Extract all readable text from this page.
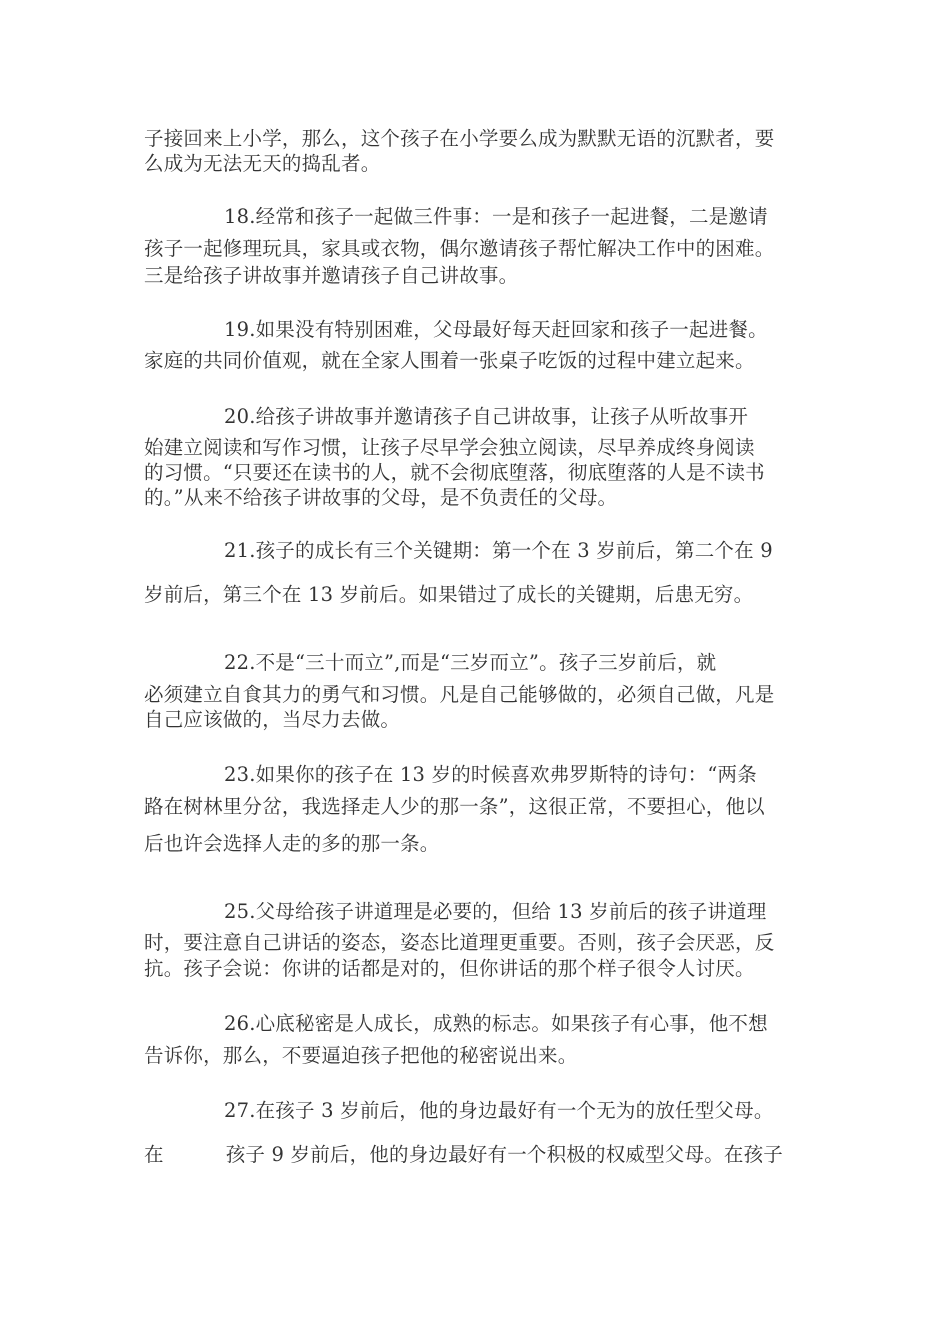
子接回来上小学，那么，这个孩子在小学要么成为默默无语的沉默者，要
么成为无法无天的捣乱者。
18.经常和孩子一起做三件事：一是和孩子一起进餐，二是邀请
孩子一起修理玩具，家具或衣物，偶尔邀请孩子帮忙解决工作中的困难。
三是给孩子讲故事并邀请孩子自己讲故事。
19.如果没有特别困难，父母最好每天赶回家和孩子一起进餐。
家庭的共同价值观，就在全家人围着一张桌子吃饭的过程中建立起来。
20.给孩子讲故事并邀请孩子自己讲故事，让孩子从听故事开
始建立阅读和写作习惯，让孩子尽早学会独立阅读，尽早养成终身阅读
的习惯。“只要还在读书的人，就不会彻底堕落，彻底堕落的人是不读书
的。”从来不给孩子讲故事的父母，是不负责任的父母。
21.孩子的成长有三个关键期：第一个在 3 岁前后，第二个在 9
岁前后，第三个在 13 岁前后。如果错过了成长的关键期，后患无穷。
22.不是“三十而立”,而是“三岁而立”。孩子三岁前后，就
必须建立自食其力的勇气和习惯。凡是自己能够做的，必须自己做，凡是
自己应该做的，当尽力去做。
23.如果你的孩子在 13 岁的时候喜欢弗罗斯特的诗句：“两条
路在树林里分岔，我选择走人少的那一条”，这很正常，不要担心，他以
后也许会选择人走的多的那一条。
25.父母给孩子讲道理是必要的，但给 13 岁前后的孩子讲道理
时，要注意自己讲话的姿态，姿态比道理更重要。否则，孩子会厌恶，反
抗。孩子会说：你讲的话都是对的，但你讲话的那个样子很令人讨厌。
26.心底秘密是人成长，成熟的标志。如果孩子有心事，他不想
告诉你，那么，不要逼迫孩子把他的秘密说出来。
27.在孩子 3 岁前后，他的身边最好有一个无为的放任型父母。
在	孩子 9 岁前后，他的身边最好有一个积极的权威型父母。在孩子
